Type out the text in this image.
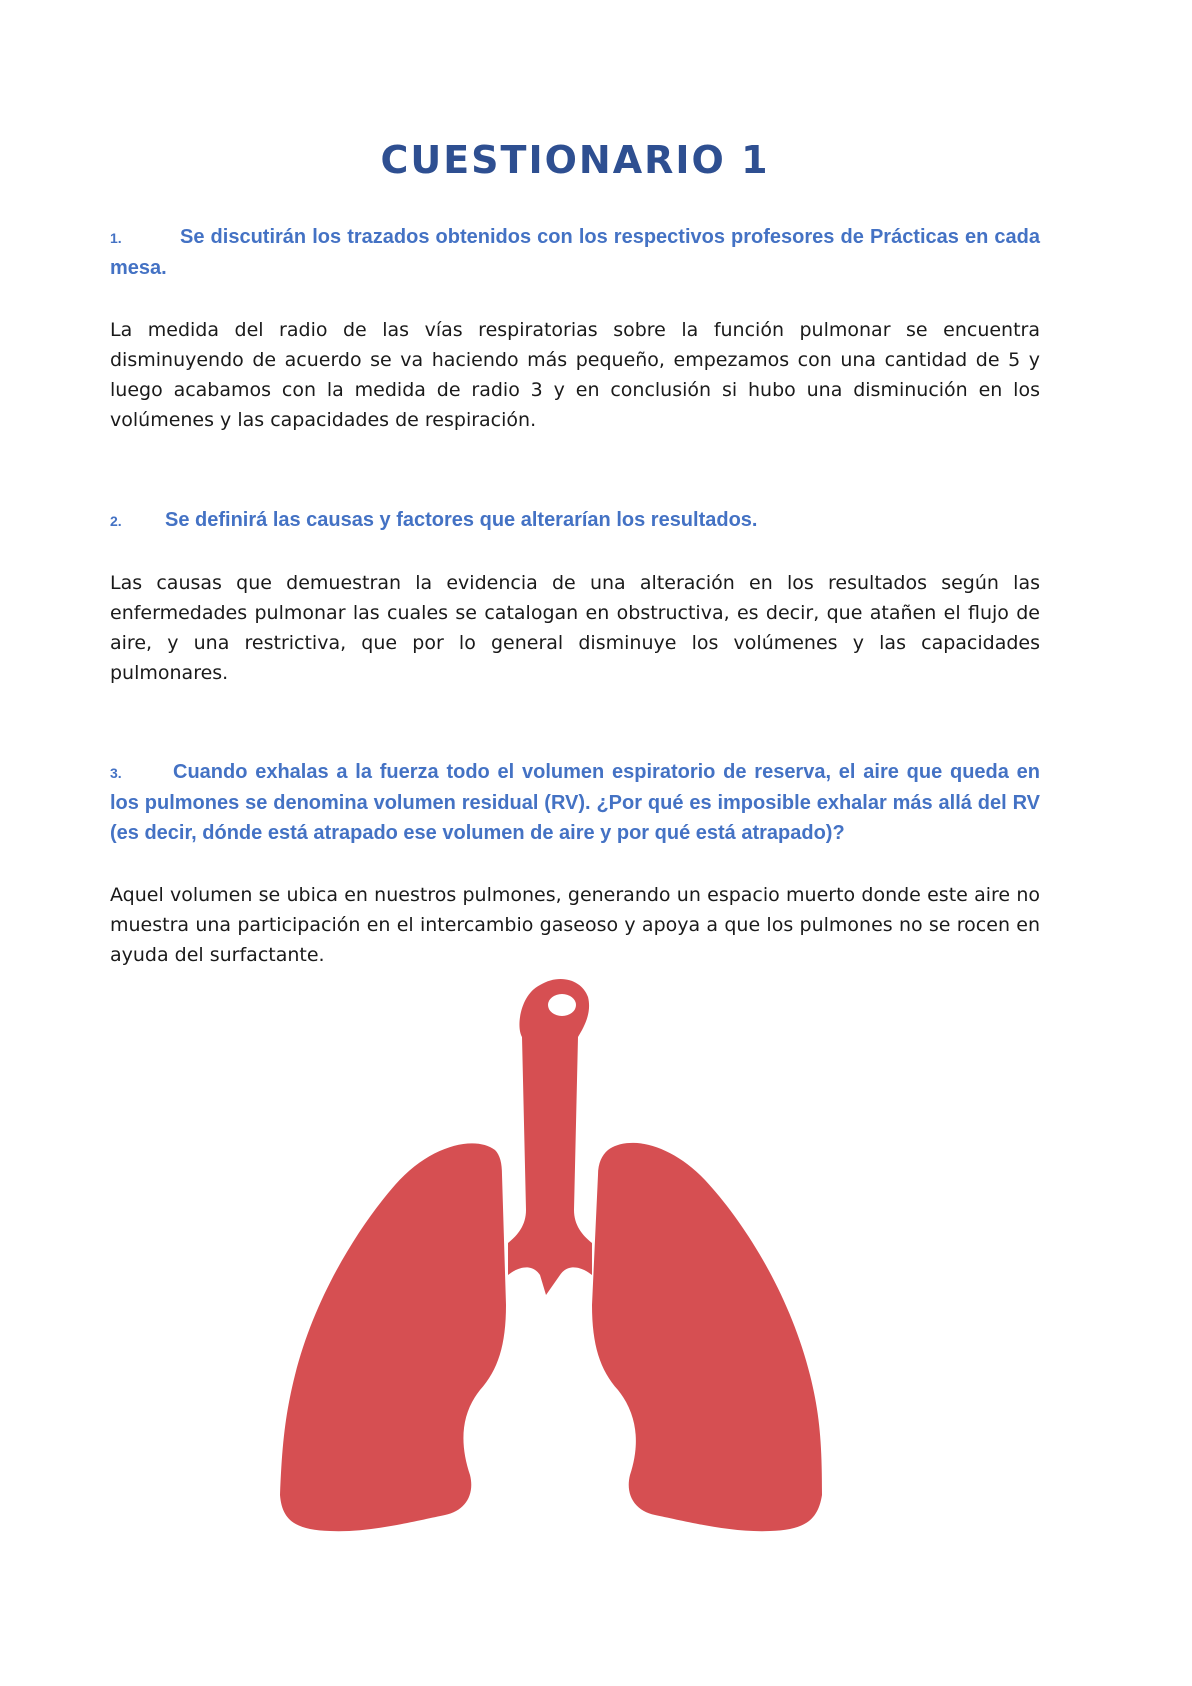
CUESTIONARIO 1
1.	Se discutirán los trazados obtenidos con los respectivos profesores de Prácticas en cada mesa.
La medida del radio de las vías respiratorias sobre la función pulmonar se encuentra disminuyendo de acuerdo se va haciendo más pequeño, empezamos con una cantidad de 5 y luego acabamos con la medida de radio 3 y en conclusión si hubo una disminución en los volúmenes y las capacidades de respiración.
2. Se definirá las causas y factores que alterarían los resultados.
Las causas que demuestran la evidencia de una alteración en los resultados según las enfermedades pulmonar las cuales se catalogan en obstructiva, es decir, que atañen el flujo de aire, y una restrictiva, que por lo general disminuye los volúmenes y las capacidades pulmonares.
3.	Cuando exhalas a la fuerza todo el volumen espiratorio de reserva, el aire que queda en los pulmones se denomina volumen residual (RV). ¿Por qué es imposible exhalar más allá del RV (es decir, dónde está atrapado ese volumen de aire y por qué está atrapado)?
Aquel volumen se ubica en nuestros pulmones, generando un espacio muerto donde este aire no muestra una participación en el intercambio gaseoso y apoya a que los pulmones no se rocen en ayuda del surfactante.
